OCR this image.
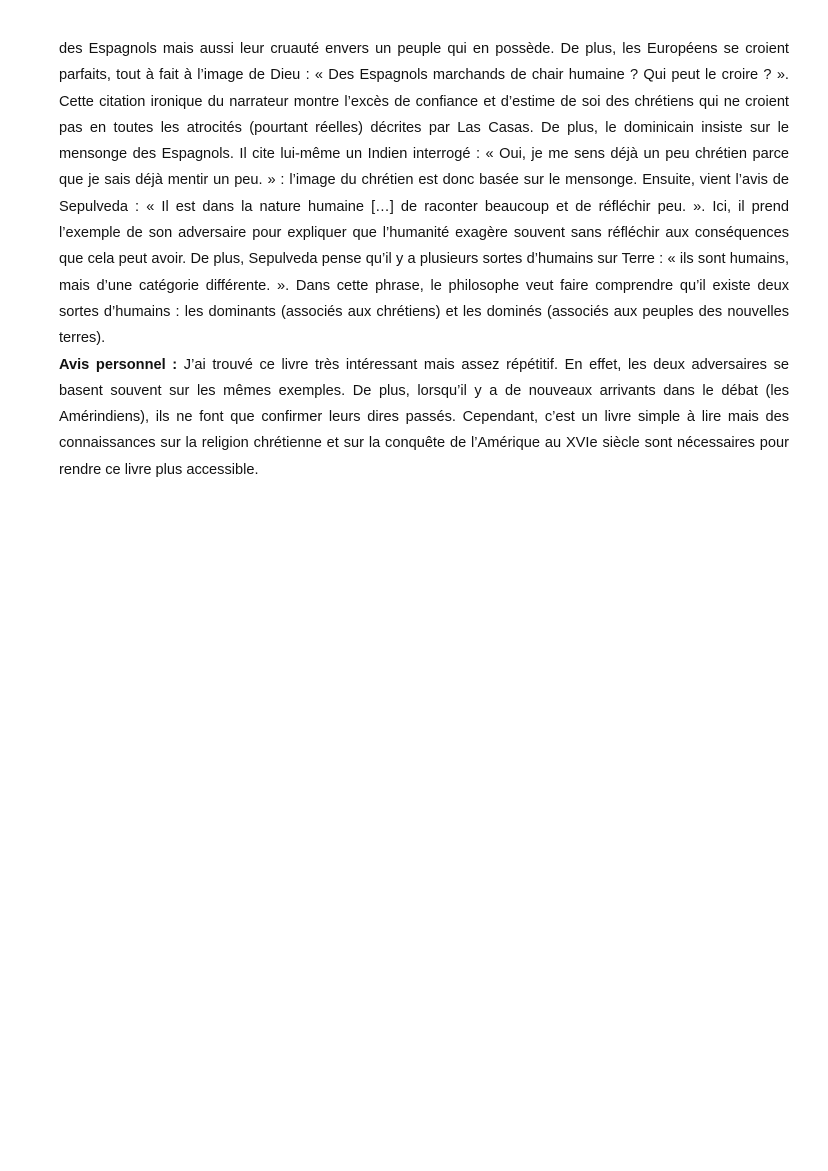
des Espagnols mais aussi leur cruauté envers un peuple qui en possède. De plus, les Européens se croient parfaits, tout à fait à l’image de Dieu : « Des Espagnols marchands de chair humaine ? Qui peut le croire ? ». Cette citation ironique du narrateur montre l’excès de confiance et d’estime de soi des chrétiens qui ne croient pas en toutes les atrocités (pourtant réelles) décrites par Las Casas. De plus, le dominicain insiste sur le mensonge des Espagnols. Il cite lui-même un Indien interrogé : « Oui, je me sens déjà un peu chrétien parce que je sais déjà mentir un peu. » : l’image du chrétien est donc basée sur le mensonge. Ensuite, vient l’avis de Sepulveda : « Il est dans la nature humaine […] de raconter beaucoup et de réfléchir peu. ». Ici, il prend l’exemple de son adversaire pour expliquer que l’humanité exagère souvent sans réfléchir aux conséquences que cela peut avoir. De plus, Sepulveda pense qu’il y a plusieurs sortes d’humains sur Terre : « ils sont humains, mais d’une catégorie différente. ». Dans cette phrase, le philosophe veut faire comprendre qu’il existe deux sortes d’humains : les dominants (associés aux chrétiens) et les dominés (associés aux peuples des nouvelles terres).

Avis personnel : J’ai trouvé ce livre très intéressant mais assez répétitif. En effet, les deux adversaires se basent souvent sur les mêmes exemples. De plus, lorsqu’il y a de nouveaux arrivants dans le débat (les Amérindiens), ils ne font que confirmer leurs dires passés. Cependant, c’est un livre simple à lire mais des connaissances sur la religion chrétienne et sur la conquête de l’Amérique au XVIe siècle sont nécessaires pour rendre ce livre plus accessible.
